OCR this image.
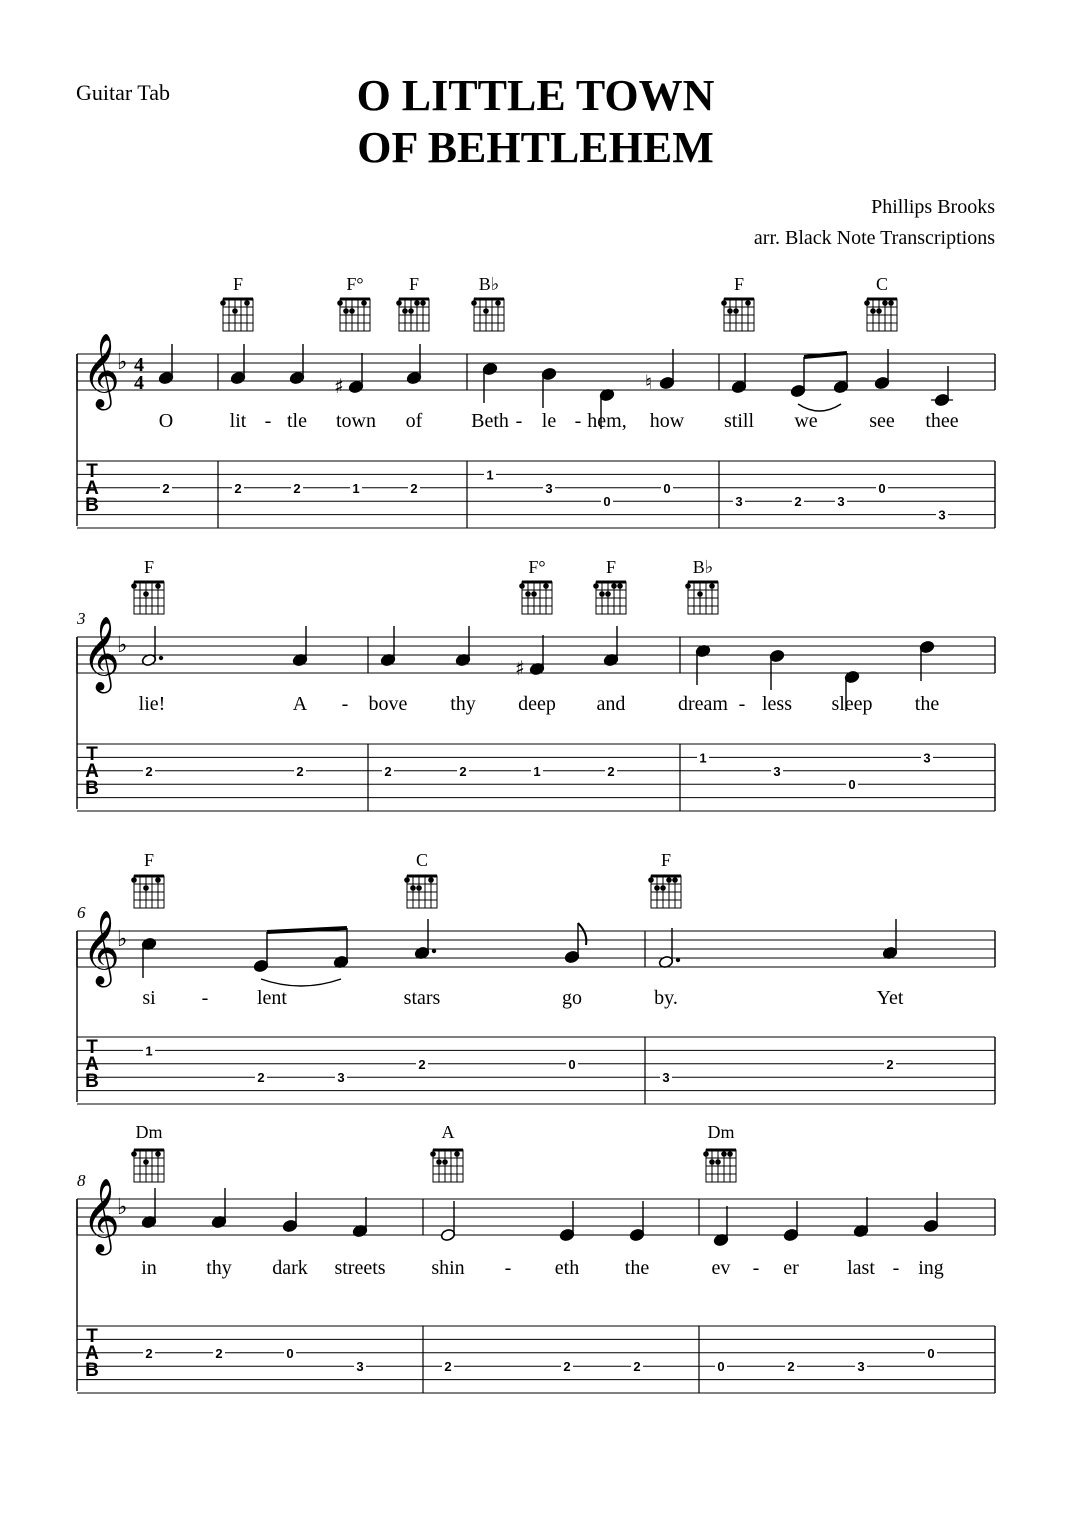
Guitar Tab	O LITTLE TOWN
OF BEHTLEHEM
Phillips Brooks
arr. Black Note Transcriptions
F	F°	F	B♭	F	C
𝄞
♭ 4
4	♯	♮
O	lit - tle town of Beth - le - hem, how still we	see thee
T
A
B
2	2	2	1	2
1
3
0
0
3	2	3
0
3
3
F	F°	F	B♭
𝄞
♭
♯
lie!	A - bove thy deep and	dream - less sleep the
T
A
B
2	2	2	2	1	2
1
3
0
3
6
F	C	F
𝄞
♭
si - lent	stars	go	by.	Yet
T
A
B
1
2	3
2	0
3
2
8
Dm	A	Dm
𝄞
♭
in thy dark streets shin - eth the	ev - er last - ing
T
A
B
2	2	0
3	2	2	2	0	2	3
0
